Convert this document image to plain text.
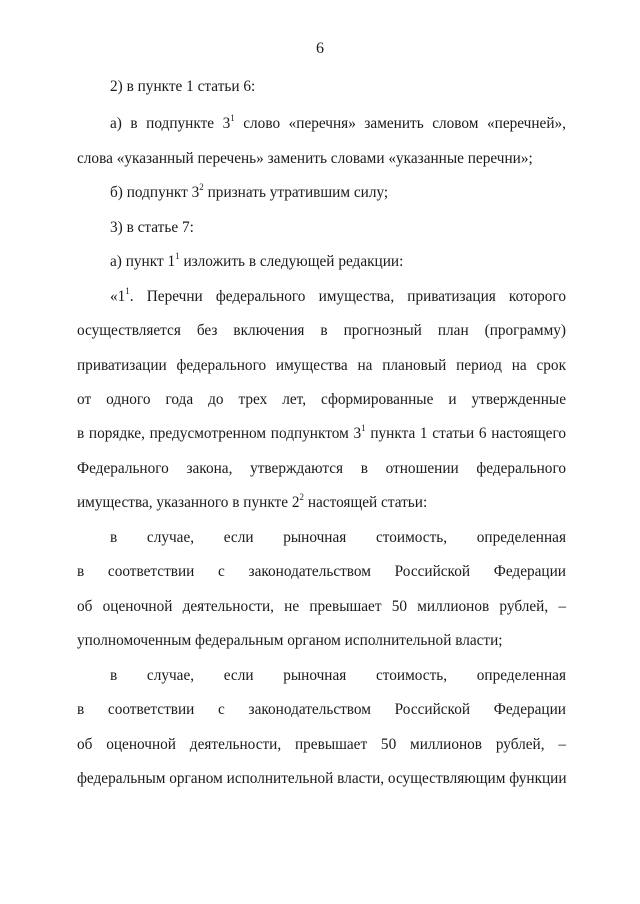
6
2) в пункте 1 статьи 6:
а) в подпункте $3^1$ слово «перечня» заменить словом «перечней»,
слова «указанный перечень» заменить словами «указанные перечни»;
б) подпункт $3^2$ признать утратившим силу;
3) в статье 7:
а) пункт $1^1$ изложить в следующей редакции:
«$1^1$. Перечни федерального имущества, приватизация которого
осуществляется без включения в прогнозный план (программу)
приватизации федерального имущества на плановый период на срок
от одного года до трех лет, сформированные и утвержденные
в порядке, предусмотренном подпунктом $3^1$ пункта 1 статьи 6 настоящего
Федерального закона, утверждаются в отношении федерального
имущества, указанного в пункте $2^2$ настоящей статьи:
в случае, если рыночная стоимость, определенная
в соответствии с законодательством Российской Федерации
об оценочной деятельности, не превышает 50 миллионов рублей, –
уполномоченным федеральным органом исполнительной власти;
в случае, если рыночная стоимость, определенная
в соответствии с законодательством Российской Федерации
об оценочной деятельности, превышает 50 миллионов рублей, –
федеральным органом исполнительной власти, осуществляющим функции
